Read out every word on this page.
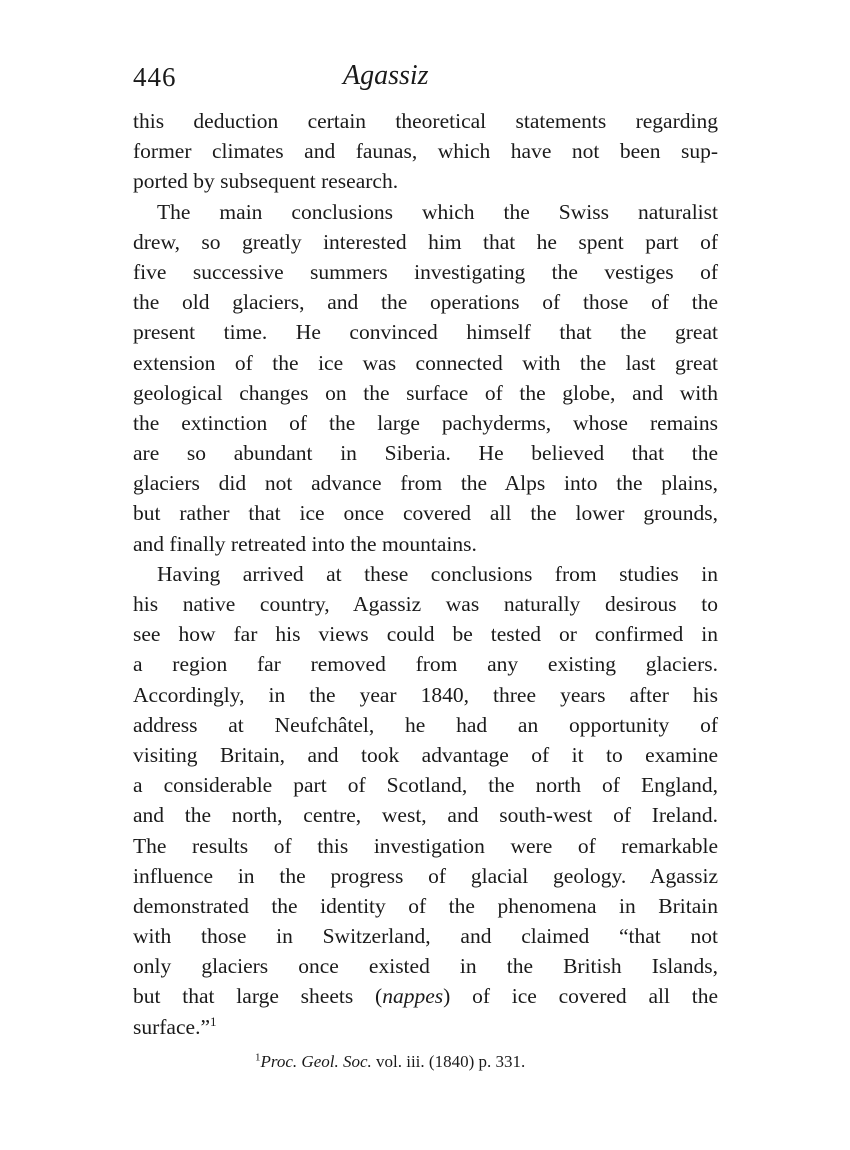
446	Agassiz
this deduction certain theoretical statements regarding
former climates and faunas, which have not been sup-
ported by subsequent research.
The main conclusions which the Swiss naturalist
drew, so greatly interested him that he spent part of
five successive summers investigating the vestiges of
the old glaciers, and the operations of those of the
present time. He convinced himself that the great
extension of the ice was connected with the last great
geological changes on the surface of the globe, and with
the extinction of the large pachyderms, whose remains
are so abundant in Siberia. He believed that the
glaciers did not advance from the Alps into the plains,
but rather that ice once covered all the lower grounds,
and finally retreated into the mountains.
Having arrived at these conclusions from studies in
his native country, Agassiz was naturally desirous to
see how far his views could be tested or confirmed in
a region far removed from any existing glaciers.
Accordingly, in the year 1840, three years after his
address at Neufchâtel, he had an opportunity of
visiting Britain, and took advantage of it to examine
a considerable part of Scotland, the north of England,
and the north, centre, west, and south-west of Ireland.
The results of this investigation were of remarkable
influence in the progress of glacial geology. Agassiz
demonstrated the identity of the phenomena in Britain
with those in Switzerland, and claimed “that not
only glaciers once existed in the British Islands,
but that large sheets (nappes) of ice covered all the
surface.”$^1$
$^1$Proc. Geol. Soc. vol. iii. (1840) p. 331.
